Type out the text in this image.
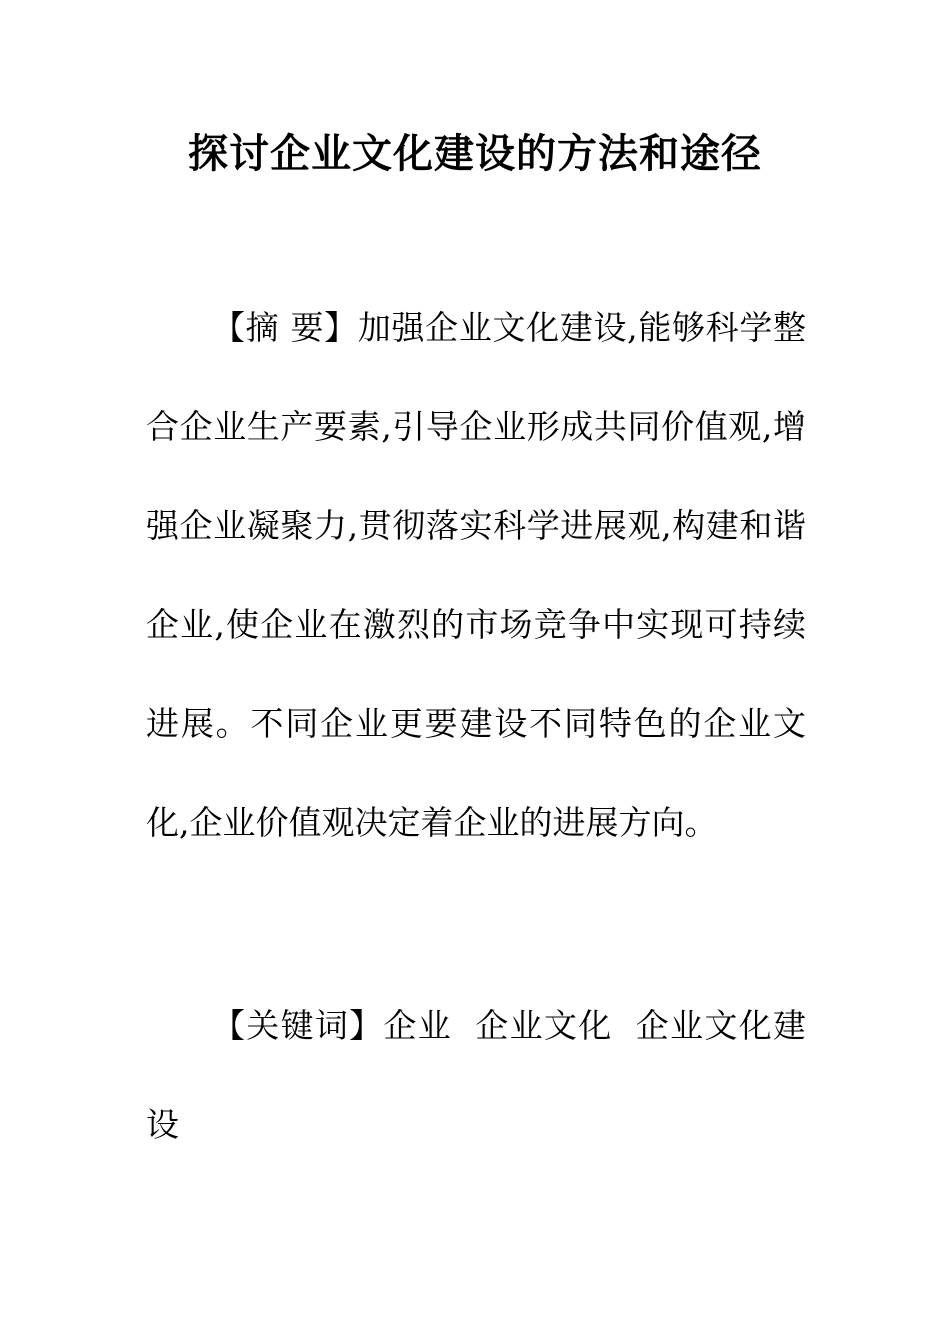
探讨企业文化建设的方法和途径

【摘 要】加强企业文化建设,能够科学整合企业生产要素,引导企业形成共同价值观,增强企业凝聚力,贯彻落实科学进展观,构建和谐企业,使企业在激烈的市场竞争中实现可持续进展。不同企业更要建设不同特色的企业文化,企业价值观决定着企业的进展方向。

【关键词】企业 企业文化 企业文化建设
